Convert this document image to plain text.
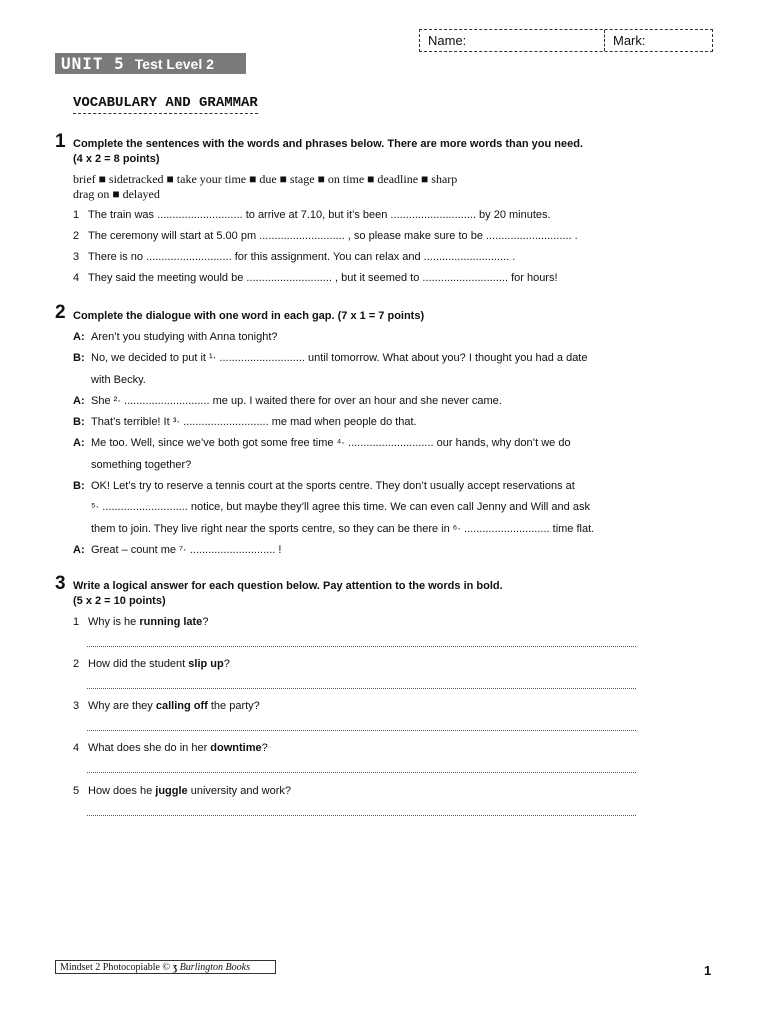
Name:	Mark:
UNIT 5 Test Level 2
VOCABULARY AND GRAMMAR
1 Complete the sentences with the words and phrases below. There are more words than you need.
(4 x 2 = 8 points)
brief ■ sidetracked ■ take your time ■ due ■ stage ■ on time ■ deadline ■ sharp
drag on ■ delayed
1 The train was ............................ to arrive at 7.10, but it’s been ............................ by 20 minutes.
2 The ceremony will start at 5.00 pm ............................ , so please make sure to be ............................ .
3 There is no ............................ for this assignment. You can relax and ............................ .
4 They said the meeting would be ............................ , but it seemed to ............................ for hours!
2 Complete the dialogue with one word in each gap. (7 x 1 = 7 points)
A: Aren’t you studying with Anna tonight?
B: No, we decided to put it ¹· ............................ until tomorrow. What about you? I thought you had a date
with Becky.
A: She ²· ............................ me up. I waited there for over an hour and she never came.
B: That’s terrible! It ³· ............................ me mad when people do that.
A: Me too. Well, since we’ve both got some free time ⁴· ............................ our hands, why don’t we do
something together?
B: OK! Let’s try to reserve a tennis court at the sports centre. They don’t usually accept reservations at
⁵· ............................ notice, but maybe they’ll agree this time. We can even call Jenny and Will and ask
them to join. They live right near the sports centre, so they can be there in ⁶· ............................ time flat.
A: Great – count me ⁷· ............................ !
3 Write a logical answer for each question below. Pay attention to the words in bold.
(5 x 2 = 10 points)
1 Why is he running late?
2 How did the student slip up?
3 Why are they calling off the party?
4 What does she do in her downtime?
5 How does he juggle university and work?
Mindset 2 Photocopiable © ʒ Burlington Books	1
